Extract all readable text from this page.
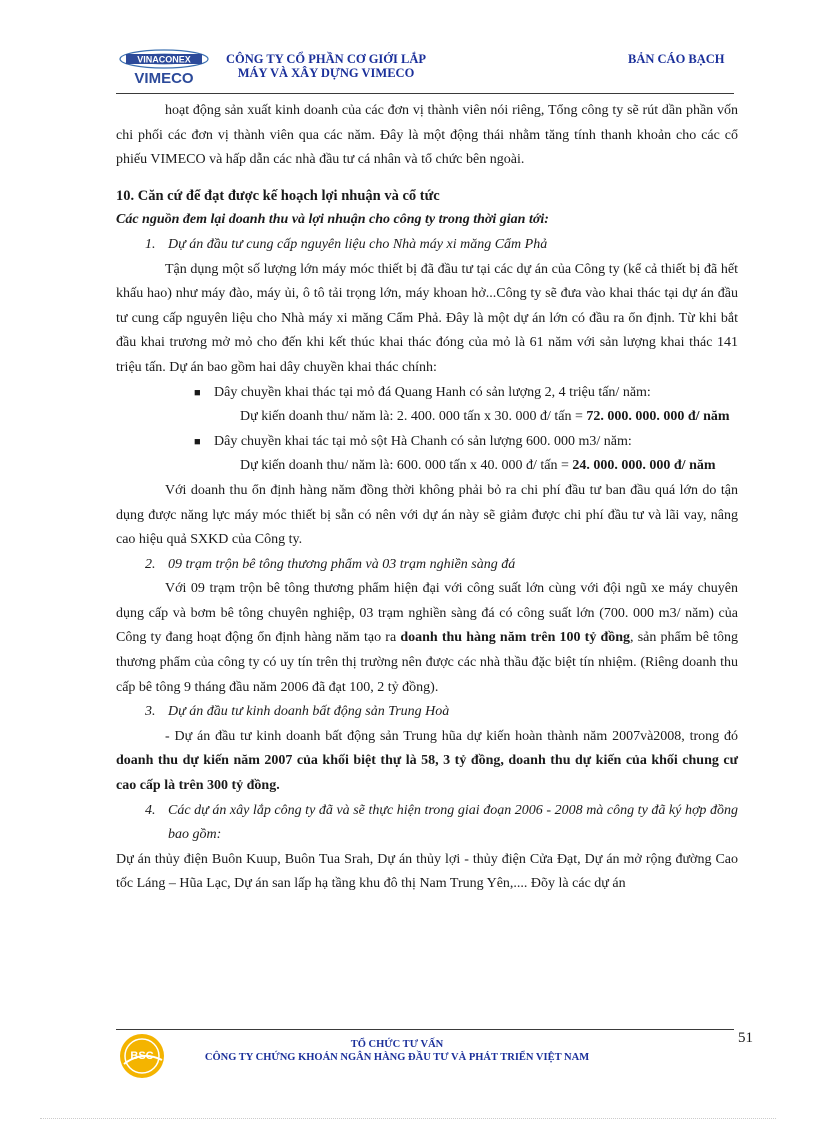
VINACONEX
VIMECO
CÔNG TY CỔ PHẦN CƠ GIỚI LẮP
MÁY VÀ XÂY DỰNG VIMECO
BẢN CÁO BẠCH

hoạt động sản xuất kinh doanh của các đơn vị thành viên nói riêng, Tổng công ty sẽ rút dần phần vốn chi phối các đơn vị thành viên qua các năm. Đây là một động thái nhằm tăng tính thanh khoản cho các cổ phiếu VIMECO và hấp dẫn các nhà đầu tư cá nhân và tổ chức bên ngoài.

10. Căn cứ để đạt được kế hoạch lợi nhuận và cổ tức

Các nguồn đem lại doanh thu và lợi nhuận cho công ty trong thời gian tới:

1. Dự án đầu tư cung cấp nguyên liệu cho Nhà máy xi măng Cẩm Phả

Tận dụng một số lượng lớn máy móc thiết bị đã đầu tư tại các dự án của Công ty (kể cả thiết bị đã hết khấu hao) như máy đào, máy ủi, ô tô tải trọng lớn, máy khoan hở...Công ty sẽ đưa vào khai thác tại dự án đầu tư cung cấp nguyên liệu cho Nhà máy xi măng Cẩm Phả. Đây là một dự án lớn có đầu ra ổn định. Từ khi bắt đầu khai trương mở mỏ cho đến khi kết thúc khai thác đóng của mỏ là 61 năm với sản lượng khai thác 141 triệu tấn. Dự án bao gồm hai dây chuyền khai thác chính:

■ Dây chuyền khai thác tại mỏ đá Quang Hanh có sản lượng 2, 4 triệu tấn/ năm:

Dự kiến doanh thu/ năm là: 2. 400. 000 tấn x 30. 000 đ/ tấn = 72. 000. 000. 000 đ/ năm

■ Dây chuyền khai tác tại mỏ sột Hà Chanh có sản lượng 600. 000 m3/ năm:

Dự kiến doanh thu/ năm là: 600. 000 tấn x 40. 000 đ/ tấn = 24. 000. 000. 000 đ/ năm

Với doanh thu ổn định hàng năm đồng thời không phải bỏ ra chi phí đầu tư ban đầu quá lớn do tận dụng được năng lực máy móc thiết bị sẵn có nên với dự án này sẽ giảm được chi phí đầu tư và lãi vay, nâng cao hiệu quả SXKD của Công ty.

2. 09 trạm trộn bê tông thương phẩm và 03 trạm nghiền sàng đá

Với 09 trạm trộn bê tông thương phẩm hiện đại với công suất lớn cùng với đội ngũ xe máy chuyên dụng cấp và bơm bê tông chuyên nghiệp, 03 trạm nghiền sàng đá có công suất lớn (700. 000 m3/ năm) của Công ty đang hoạt động ổn định hàng năm tạo ra doanh thu hàng năm trên 100 tỷ đồng, sản phẩm bê tông thương phẩm của công ty có uy tín trên thị trường nên được các nhà thầu đặc biệt tín nhiệm. (Riêng doanh thu cấp bê tông 9 tháng đầu năm 2006 đã đạt 100, 2 tỷ đồng).

3. Dự án đầu tư kinh doanh bất động sản Trung Hoà

- Dự án đầu tư kinh doanh bất động sản Trung hũa dự kiến hoàn thành năm 2007và2008, trong đó doanh thu dự kiến năm 2007 của khối biệt thự là 58, 3 tỷ đồng, doanh thu dự kiến của khối chung cư cao cấp là trên 300 tỷ đồng.

4. Các dự án xây lắp công ty đã và sẽ thực hiện trong giai đoạn 2006 - 2008 mà công ty đã ký hợp đồng bao gồm:

Dự án thủy điện Buôn Kuup, Buôn Tua Srah, Dự án thủy lợi - thủy điện Cửa Đạt, Dự án mở rộng đường Cao tốc Láng – Hũa Lạc, Dự án san lấp hạ tầng khu đô thị Nam Trung Yên,.... Đõy là các dự án

BSC
TỔ CHỨC TƯ VẤN
CÔNG TY CHỨNG KHOÁN NGÂN HÀNG ĐẦU TƯ VÀ PHÁT TRIỂN VIỆT NAM
51
